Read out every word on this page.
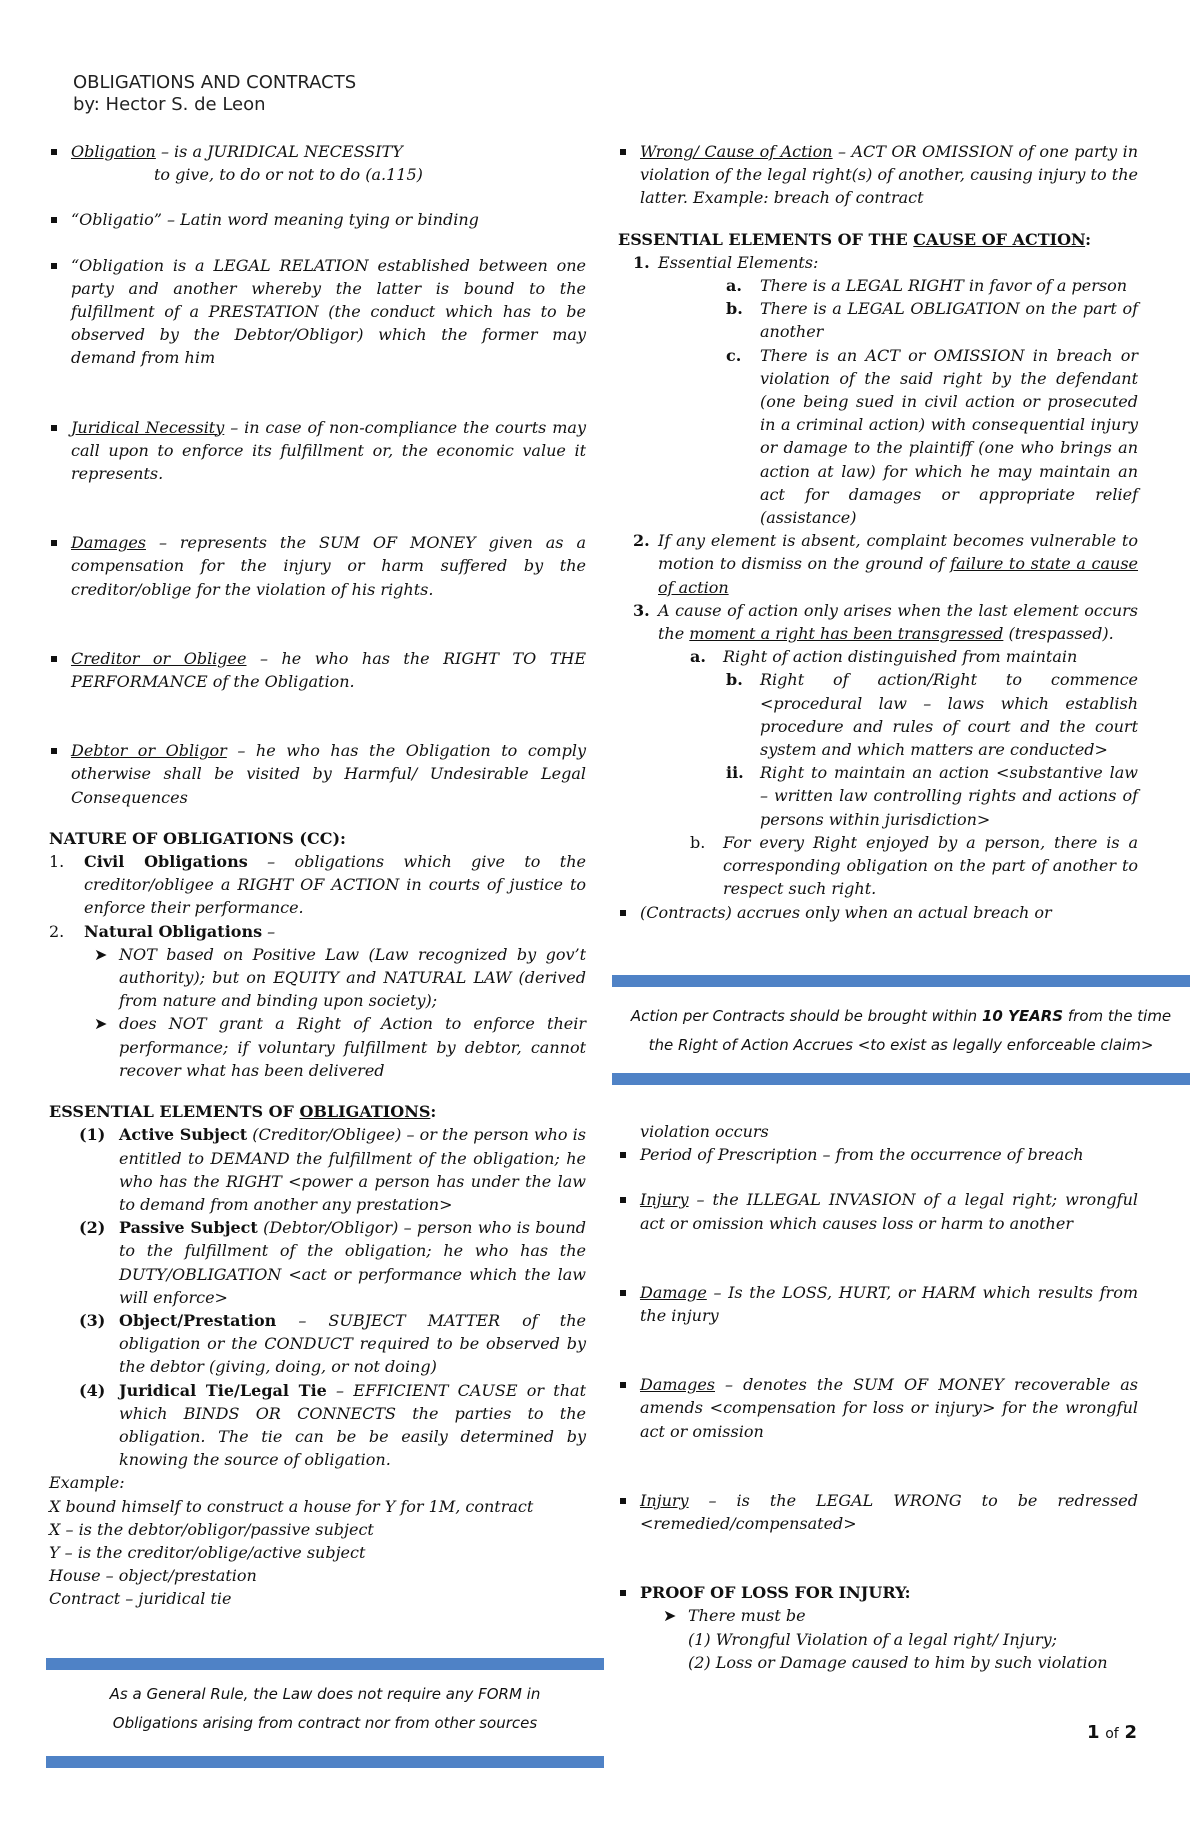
OBLIGATIONS AND CONTRACTS
by: Hector S. de Leon
Obligation – is a JURIDICAL NECESSITY
to give, to do or not to do (a.115)
“Obligatio” – Latin word meaning tying or binding
“Obligation is a LEGAL RELATION established between one party and another whereby the latter is bound to the fulfillment of a PRESTATION (the conduct which has to be observed by the Debtor/Obligor) which the former may demand from him
Juridical Necessity – in case of non-compliance the courts may call upon to enforce its fulfillment or, the economic value it represents.
Damages – represents the SUM OF MONEY given as a compensation for the injury or harm suffered by the creditor/oblige for the violation of his rights.
Creditor or Obligee – he who has the RIGHT TO THE PERFORMANCE of the Obligation.
Debtor or Obligor – he who has the Obligation to comply otherwise shall be visited by Harmful/ Undesirable Legal Consequences
NATURE OF OBLIGATIONS (CC):
1. Civil Obligations – obligations which give to the creditor/obligee a RIGHT OF ACTION in courts of justice to enforce their performance.
2. Natural Obligations –
➤ NOT based on Positive Law (Law recognized by gov’t authority); but on EQUITY and NATURAL LAW (derived from nature and binding upon society);
➤ does NOT grant a Right of Action to enforce their performance; if voluntary fulfillment by debtor, cannot recover what has been delivered
ESSENTIAL ELEMENTS OF OBLIGATIONS:
(1) Active Subject (Creditor/Obligee) – or the person who is entitled to DEMAND the fulfillment of the obligation; he who has the RIGHT <power a person has under the law to demand from another any prestation>
(2) Passive Subject (Debtor/Obligor) – person who is bound to the fulfillment of the obligation; he who has the DUTY/OBLIGATION <act or performance which the law will enforce>
(3) Object/Prestation – SUBJECT MATTER of the obligation or the CONDUCT required to be observed by the debtor (giving, doing, or not doing)
(4) Juridical Tie/Legal Tie – EFFICIENT CAUSE or that which BINDS OR CONNECTS the parties to the obligation. The tie can be be easily determined by knowing the source of obligation.
Example:
X bound himself to construct a house for Y for 1M, contract
X – is the debtor/obligor/passive subject
Y – is the creditor/oblige/active subject
House – object/prestation
Contract – juridical tie
As a General Rule, the Law does not require any FORM in
Obligations arising from contract nor from other sources
Wrong/ Cause of Action – ACT OR OMISSION of one party in violation of the legal right(s) of another, causing injury to the latter. Example: breach of contract
ESSENTIAL ELEMENTS OF THE CAUSE OF ACTION:
1. Essential Elements:
a. There is a LEGAL RIGHT in favor of a person
b. There is a LEGAL OBLIGATION on the part of another
c. There is an ACT or OMISSION in breach or violation of the said right by the defendant (one being sued in civil action or prosecuted in a criminal action) with consequential injury or damage to the plaintiff (one who brings an action at law) for which he may maintain an act for damages or appropriate relief (assistance)
2. If any element is absent, complaint becomes vulnerable to motion to dismiss on the ground of failure to state a cause of action
3. A cause of action only arises when the last element occurs the moment a right has been transgressed (trespassed).
a. Right of action distinguished from maintain
b. Right of action/Right to commence <procedural law – laws which establish procedure and rules of court and the court system and which matters are conducted>
ii. Right to maintain an action <substantive law – written law controlling rights and actions of persons within jurisdiction>
b. For every Right enjoyed by a person, there is a corresponding obligation on the part of another to respect such right.
(Contracts) accrues only when an actual breach or
Action per Contracts should be brought within 10 YEARS from the time
the Right of Action Accrues <to exist as legally enforceable claim>
violation occurs
Period of Prescription – from the occurrence of breach
Injury – the ILLEGAL INVASION of a legal right; wrongful act or omission which causes loss or harm to another
Damage – Is the LOSS, HURT, or HARM which results from the injury
Damages – denotes the SUM OF MONEY recoverable as amends <compensation for loss or injury> for the wrongful act or omission
Injury – is the LEGAL WRONG to be redressed <remedied/compensated>
PROOF OF LOSS FOR INJURY:
➤ There must be
(1) Wrongful Violation of a legal right/ Injury;
(2) Loss or Damage caused to him by such violation
1 of 2
